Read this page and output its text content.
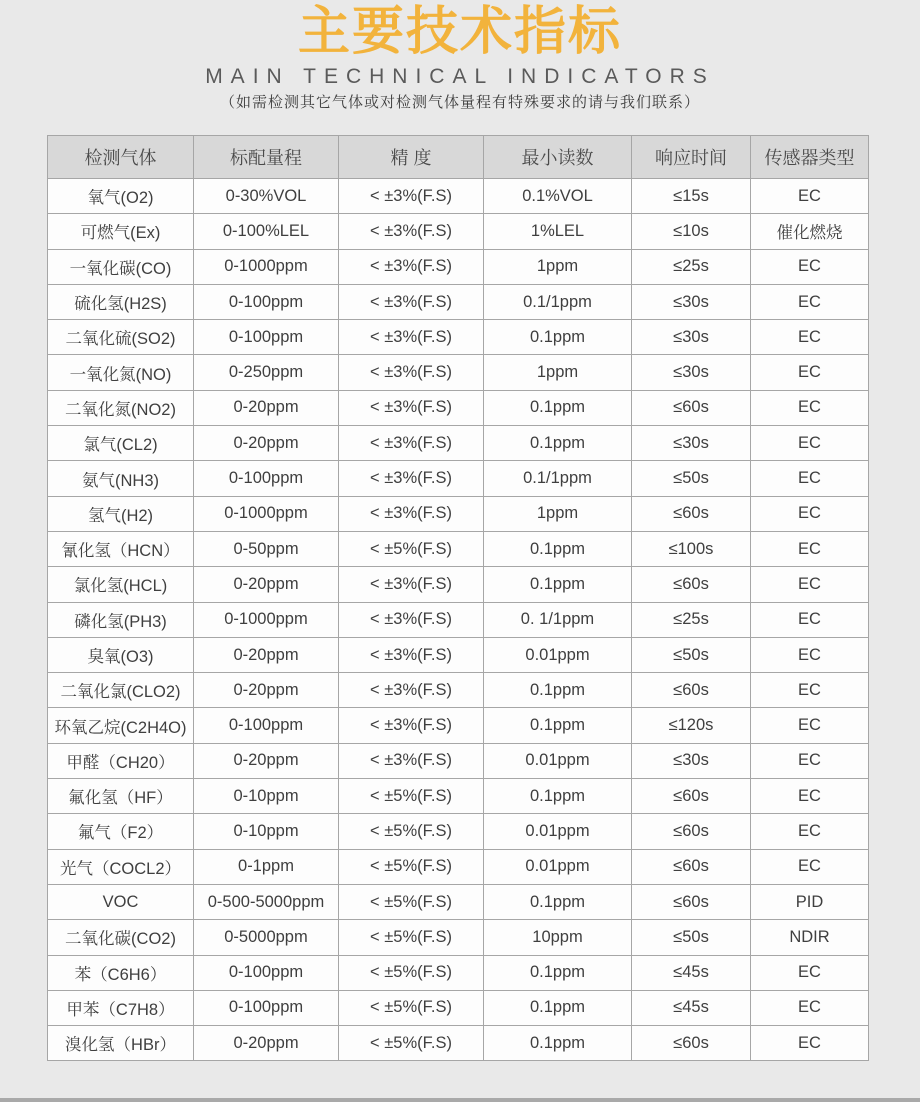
主要技术指标
MAIN TECHNICAL INDICATORS
（如需检测其它气体或对检测气体量程有特殊要求的请与我们联系）
检测气体	标配量程	精 度	最小读数	响应时间	传感器类型
氧气(O2)	0-30%VOL	< ±3%(F.S)	0.1%VOL	≤15s	EC
可燃气(Ex)	0-100%LEL	< ±3%(F.S)	1%LEL	≤10s	催化燃烧
一氧化碳(CO)	0-1000ppm	< ±3%(F.S)	1ppm	≤25s	EC
硫化氢(H2S)	0-100ppm	< ±3%(F.S)	0.1/1ppm	≤30s	EC
二氧化硫(SO2)	0-100ppm	< ±3%(F.S)	0.1ppm	≤30s	EC
一氧化氮(NO)	0-250ppm	< ±3%(F.S)	1ppm	≤30s	EC
二氧化氮(NO2)	0-20ppm	< ±3%(F.S)	0.1ppm	≤60s	EC
氯气(CL2)	0-20ppm	< ±3%(F.S)	0.1ppm	≤30s	EC
氨气(NH3)	0-100ppm	< ±3%(F.S)	0.1/1ppm	≤50s	EC
氢气(H2)	0-1000ppm	< ±3%(F.S)	1ppm	≤60s	EC
氰化氢（HCN）	0-50ppm	< ±5%(F.S)	0.1ppm	≤100s	EC
氯化氢(HCL)	0-20ppm	< ±3%(F.S)	0.1ppm	≤60s	EC
磷化氢(PH3)	0-1000ppm	< ±3%(F.S)	0. 1/1ppm	≤25s	EC
臭氧(O3)	0-20ppm	< ±3%(F.S)	0.01ppm	≤50s	EC
二氧化氯(CLO2)	0-20ppm	< ±3%(F.S)	0.1ppm	≤60s	EC
环氧乙烷(C2H4O)	0-100ppm	< ±3%(F.S)	0.1ppm	≤120s	EC
甲醛（CH20）	0-20ppm	< ±3%(F.S)	0.01ppm	≤30s	EC
氟化氢（HF）	0-10ppm	< ±5%(F.S)	0.1ppm	≤60s	EC
氟气（F2）	0-10ppm	< ±5%(F.S)	0.01ppm	≤60s	EC
光气（COCL2）	0-1ppm	< ±5%(F.S)	0.01ppm	≤60s	EC
VOC	0-500-5000ppm	< ±5%(F.S)	0.1ppm	≤60s	PID
二氧化碳(CO2)	0-5000ppm	< ±5%(F.S)	10ppm	≤50s	NDIR
苯（C6H6）	0-100ppm	< ±5%(F.S)	0.1ppm	≤45s	EC
甲苯（C7H8）	0-100ppm	< ±5%(F.S)	0.1ppm	≤45s	EC
溴化氢（HBr）	0-20ppm	< ±5%(F.S)	0.1ppm	≤60s	EC
